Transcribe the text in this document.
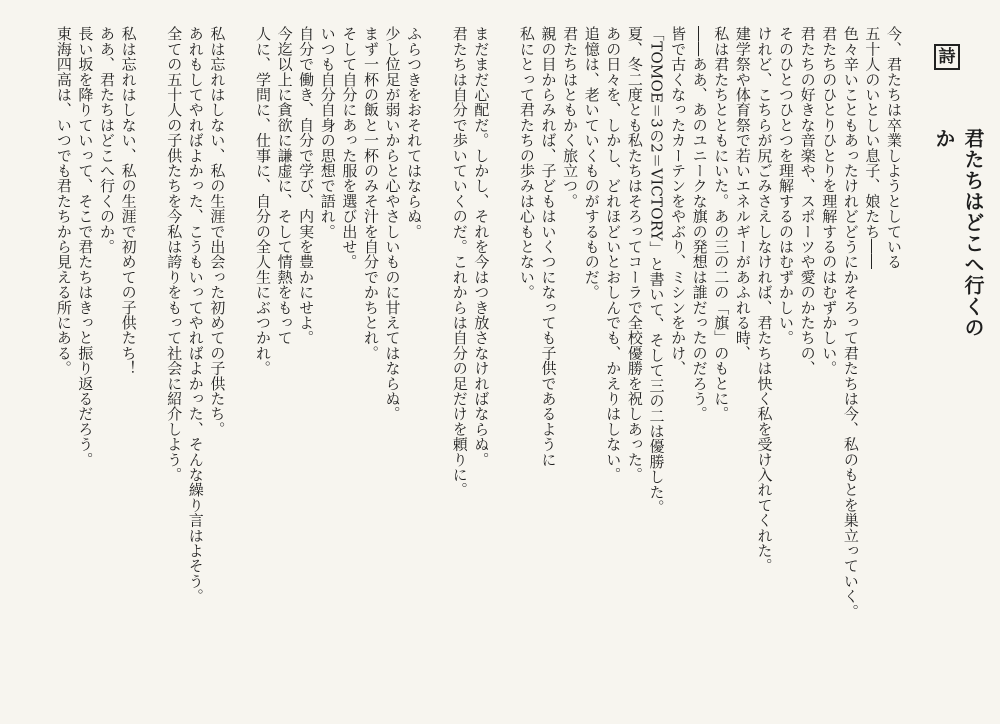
詩
君たちはどこへ行くのか
今、君たちは卒業しようとしている
五十人のいとしい息子、娘たち――
色々辛いこともあったけれどどうにかそろって君たちは今、私のもとを巣立っていく。
君たちのひとりひとりを理解するのはむずかしい。
君たちの好きな音楽や、スポーツや愛のかたちの、
そのひとつひとつを理解するのはむずかしい。
けれど、こちらが尻ごみさえしなければ、君たちは快く私を受け入れてくれた。
建学祭や体育祭で若いエネルギーがあふれる時、
私は君たちとともにいた。あの三の二の「旗」のもとに。
――ああ、あのユニークな旗の発想は誰だったのだろう。
皆で古くなったカーテンをやぶり、ミシンをかけ、
「TOMOE＝3の2＝VICTORY」と書いて、そして三の二は優勝した。
夏、冬二度とも私たちはそろってコーラで全校優勝を祝しあった。
あの日々を、しかし、どれほどいとおしんでも、かえりはしない。
追憶は、老いていくものがするものだ。
君たちはともかく旅立つ。
親の目からみれば、子どもはいくつになっても子供であるように
私にとって君たちの歩みは心もとない。
まだまだ心配だ。しかし、それを今はつき放さなければならぬ。
君たちは自分で歩いていくのだ。これからは自分の足だけを頼りに。
ふらつきをおそれてはならぬ。
少し位足が弱いからと心やさしいものに甘えてはならぬ。
まず一杯の飯と一杯のみそ汁を自分でかちとれ。
そして自分にあった服を選び出せ。
いつも自分自身の思想で語れ。
自分で働き、自分で学び、内実を豊かにせよ。
今迄以上に貪欲に謙虚に、そして情熱をもって
人に、学問に、仕事に、自分の全人生にぶつかれ。
私は忘れはしない、私の生涯で出会った初めての子供たち。
あれもしてやればよかった、こうもいってやればよかった、そんな繰り言はよそう。
全ての五十人の子供たちを今私は誇りをもって社会に紹介しよう。
私は忘れはしない、私の生涯で初めての子供たち！
ああ、君たちはどこへ行くのか。
長い坂を降りていって、そこで君たちはきっと振り返るだろう。
東海四高は、いつでも君たちから見える所にある。
